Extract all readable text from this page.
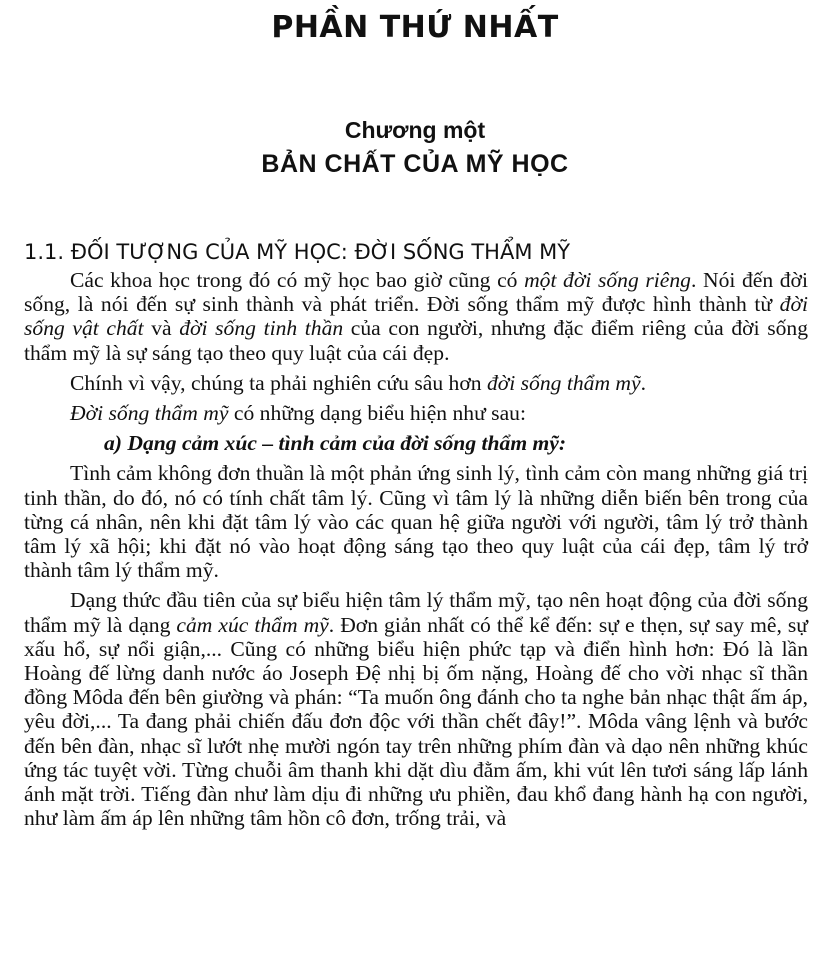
PHẦN THỨ NHẤT
Chương một
BẢN CHẤT CỦA MỸ HỌC
1.1. ĐỐI TƯỢNG CỦA MỸ HỌC: ĐỜI SỐNG THẨM MỸ

Các khoa học trong đó có mỹ học bao giờ cũng có một đời sống riêng. Nói đến đời sống, là nói đến sự sinh thành và phát triển. Đời sống thẩm mỹ được hình thành từ đời sống vật chất và đời sống tinh thần của con người, nhưng đặc điểm riêng của đời sống thẩm mỹ là sự sáng tạo theo quy luật của cái đẹp.

Chính vì vậy, chúng ta phải nghiên cứu sâu hơn đời sống thẩm mỹ.

Đời sống thẩm mỹ có những dạng biểu hiện như sau:

a) Dạng cảm xúc – tình cảm của đời sống thẩm mỹ:

Tình cảm không đơn thuần là một phản ứng sinh lý, tình cảm còn mang những giá trị tinh thần, do đó, nó có tính chất tâm lý. Cũng vì tâm lý là những diễn biến bên trong của từng cá nhân, nên khi đặt tâm lý vào các quan hệ giữa người với người, tâm lý trở thành tâm lý xã hội; khi đặt nó vào hoạt động sáng tạo theo quy luật của cái đẹp, tâm lý trở thành tâm lý thẩm mỹ.

Dạng thức đầu tiên của sự biểu hiện tâm lý thẩm mỹ, tạo nên hoạt động của đời sống thẩm mỹ là dạng cảm xúc thẩm mỹ. Đơn giản nhất có thể kể đến: sự e thẹn, sự say mê, sự xấu hổ, sự nổi giận,... Cũng có những biểu hiện phức tạp và điển hình hơn: Đó là lần Hoàng đế lừng danh nước áo Joseph Đệ nhị bị ốm nặng, Hoàng đế cho vời nhạc sĩ thần đồng Môda đến bên giường và phán: “Ta muốn ông đánh cho ta nghe bản nhạc thật ấm áp, yêu đời,... Ta đang phải chiến đấu đơn độc với thần chết đây!”. Môda vâng lệnh và bước đến bên đàn, nhạc sĩ lướt nhẹ mười ngón tay trên những phím đàn và dạo nên những khúc ứng tác tuyệt vời. Từng chuỗi âm thanh khi dặt dìu đằm ấm, khi vút lên tươi sáng lấp lánh ánh mặt trời. Tiếng đàn như làm dịu đi những ưu phiền, đau khổ đang hành hạ con người, như làm ấm áp lên những tâm hồn cô đơn, trống trải, và
